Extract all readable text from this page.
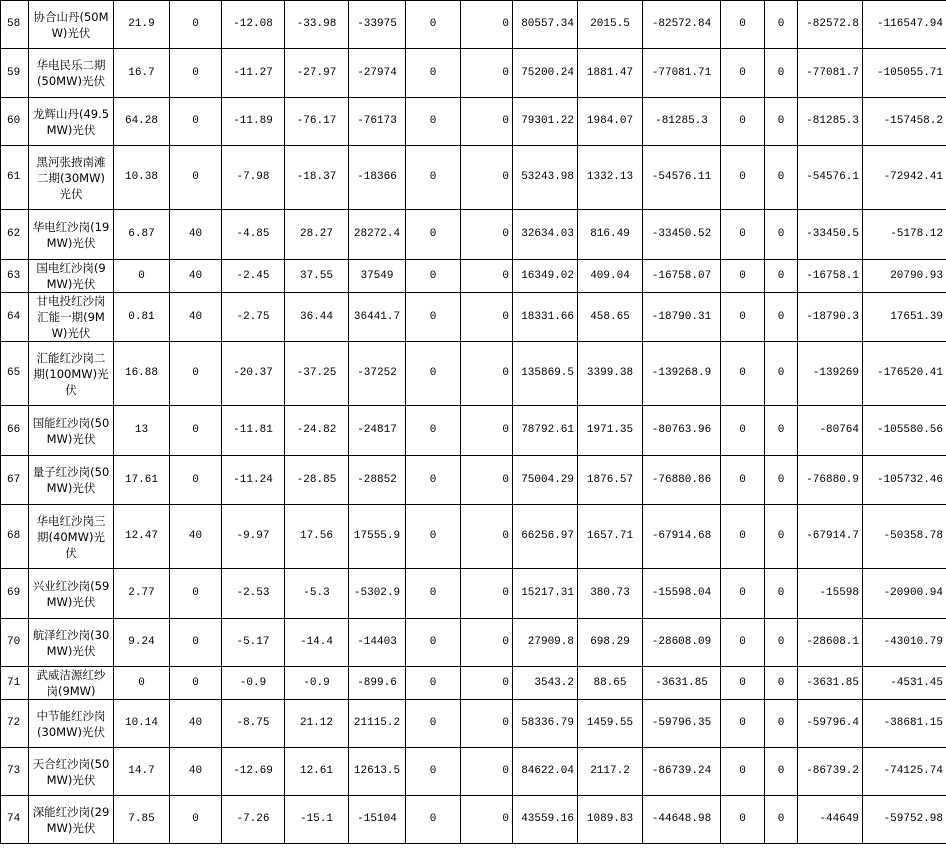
58	协合山丹(50MW)光伏	21.9	0	-12.08	-33.98	-33975	0	0	80557.34	2015.5	-82572.84	0	0	-82572.8	-116547.94
59	华电民乐二期(50MW)光伏	16.7	0	-11.27	-27.97	-27974	0	0	75200.24	1881.47	-77081.71	0	0	-77081.7	-105055.71
60	龙辉山丹(49.5MW)光伏	64.28	0	-11.89	-76.17	-76173	0	0	79301.22	1984.07	-81285.3	0	0	-81285.3	-157458.2
61	黑河张掖南滩二期(30MW)光伏	10.38	0	-7.98	-18.37	-18366	0	0	53243.98	1332.13	-54576.11	0	0	-54576.1	-72942.41
62	华电红沙岗(19MW)光伏	6.87	40	-4.85	28.27	28272.4	0	0	32634.03	816.49	-33450.52	0	0	-33450.5	-5178.12
63	国电红沙岗(9MW)光伏	0	40	-2.45	37.55	37549	0	0	16349.02	409.04	-16758.07	0	0	-16758.1	20790.93
64	甘电投红沙岗汇能一期(9MW)光伏	0.81	40	-2.75	36.44	36441.7	0	0	18331.66	458.65	-18790.31	0	0	-18790.3	17651.39
65	汇能红沙岗二期(100MW)光伏	16.88	0	-20.37	-37.25	-37252	0	0	135869.5	3399.38	-139268.9	0	0	-139269	-176520.41
66	国能红沙岗(50MW)光伏	13	0	-11.81	-24.82	-24817	0	0	78792.61	1971.35	-80763.96	0	0	-80764	-105580.56
67	量子红沙岗(50MW)光伏	17.61	0	-11.24	-28.85	-28852	0	0	75004.29	1876.57	-76880.86	0	0	-76880.9	-105732.46
68	华电红沙岗三期(40MW)光伏	12.47	40	-9.97	17.56	17555.9	0	0	66256.97	1657.71	-67914.68	0	0	-67914.7	-50358.78
69	兴业红沙岗(59MW)光伏	2.77	0	-2.53	-5.3	-5302.9	0	0	15217.31	380.73	-15598.04	0	0	-15598	-20900.94
70	航泽红沙岗(30MW)光伏	9.24	0	-5.17	-14.4	-14403	0	0	27909.8	698.29	-28608.09	0	0	-28608.1	-43010.79
71	武威洁源红纱岗(9MW)	0	0	-0.9	-0.9	-899.6	0	0	3543.2	88.65	-3631.85	0	0	-3631.85	-4531.45
72	中节能红沙岗(30MW)光伏	10.14	40	-8.75	21.12	21115.2	0	0	58336.79	1459.55	-59796.35	0	0	-59796.4	-38681.15
73	天合红沙岗(50MW)光伏	14.7	40	-12.69	12.61	12613.5	0	0	84622.04	2117.2	-86739.24	0	0	-86739.2	-74125.74
74	深能红沙岗(29MW)光伏	7.85	0	-7.26	-15.1	-15104	0	0	43559.16	1089.83	-44648.98	0	0	-44649	-59752.98
